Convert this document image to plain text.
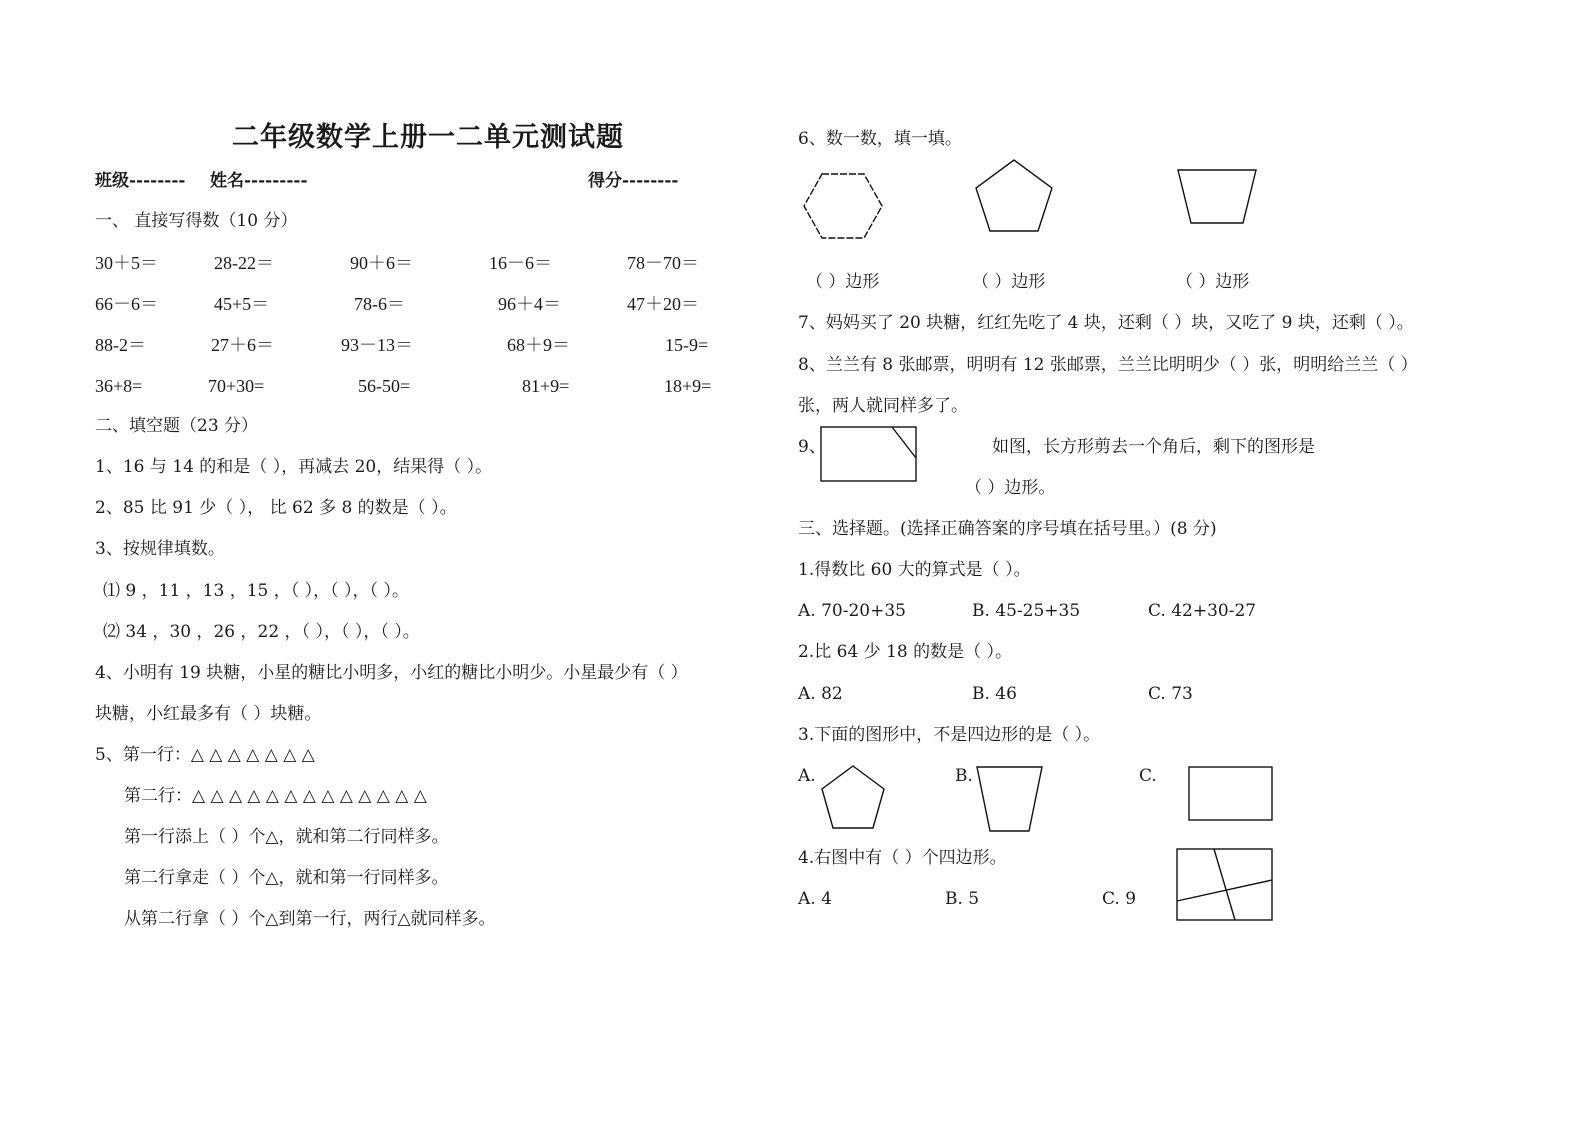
二年级数学上册一二单元测试题
班级-------- 姓名---------	得分--------
一、 直接写得数（10 分）
30＋5＝	28-22＝	90＋6＝	16－6＝	78－70＝
66－6＝	45+5＝	78-6＝	96＋4＝	47＋20＝
88-2＝	27＋6＝	93－13＝	68＋9＝	15-9=
36+8=	70+30=	56-50=	81+9=	18+9=
二、填空题（23 分）
1、16 与 14 的和是（ ），再减去 20，结果得（ ）。
2、85 比 91 少（ ）， 比 62 多 8 的数是（ ）。
3、按规律填数。
⑴ 9 ，11 ，13 ，15 ，（ ），（ ），（ ）。
⑵ 34 ，30 ，26 ，22 ，（ ），（ ），（ ）。
4、小明有 19 块糖，小星的糖比小明多，小红的糖比小明少。小星最少有（ ）
块糖，小红最多有（ ）块糖。
5、第一行：△ △ △ △ △ △ △
第二行：△ △ △ △ △ △ △ △ △ △ △ △ △
第一行添上（ ）个△，就和第二行同样多。
第二行拿走（ ）个△，就和第一行同样多。
从第二行拿（ ）个△到第一行，两行△就同样多。
6、数一数，填一填。
（ ）边形	（ ）边形	（ ）边形
7、妈妈买了 20 块糖，红红先吃了 4 块，还剩（ ）块，又吃了 9 块，还剩（ ）。
8、兰兰有 8 张邮票，明明有 12 张邮票，兰兰比明明少（ ）张，明明给兰兰（ ）
张，两人就同样多了。
9、	如图，长方形剪去一个角后，剩下的图形是
（ ）边形。
三、选择题。(选择正确答案的序号填在括号里。）(8 分)
1.得数比 60 大的算式是（ ）。
A. 70-20+35	B. 45-25+35	C. 42+30-27
2.比 64 少 18 的数是（ ）。
A. 82	B. 46	C. 73
3.下面的图形中，不是四边形的是（ ）。
A.	B.	C.
4.右图中有（ ）个四边形。
A. 4	B. 5	C. 9
